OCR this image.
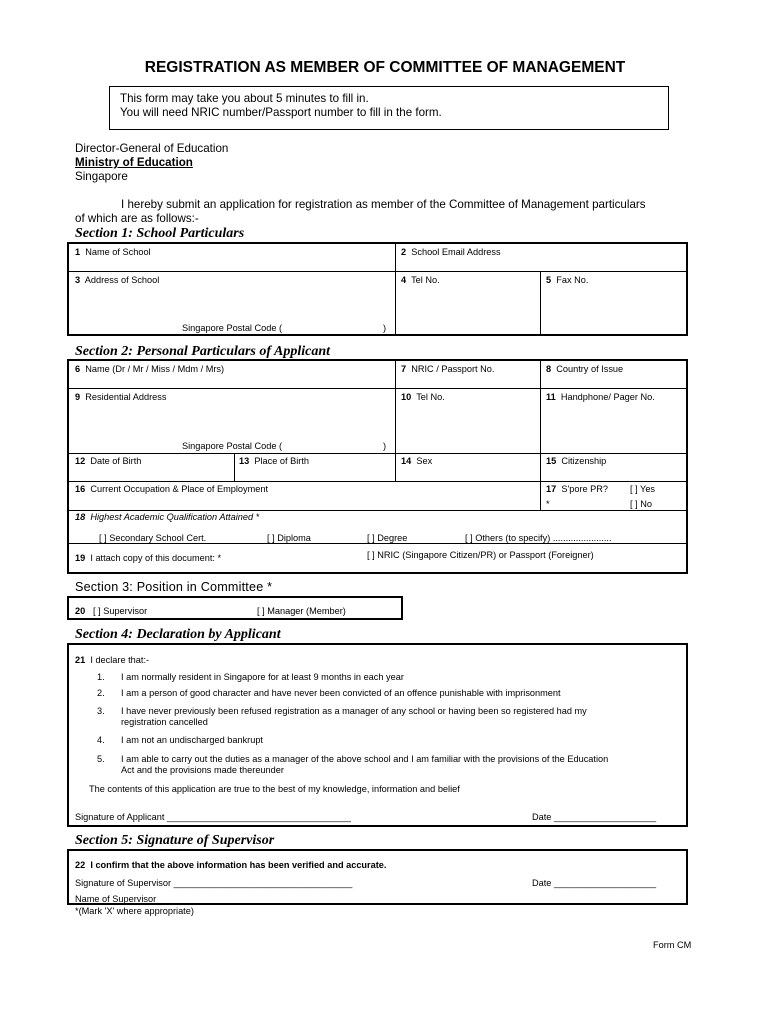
REGISTRATION AS MEMBER OF COMMITTEE OF MANAGEMENT
This form may take you about 5 minutes to fill in.
You will need NRIC number/Passport number to fill in the form.
Director-General of Education
Ministry of Education
Singapore
I hereby submit an application for registration as member of the Committee of Management particulars
of which are as follows:-
Section 1: School Particulars
1 Name of School	2 School Email Address
3 Address of School	4 Tel No.	5 Fax No.
Singapore Postal Code (	)
Section 2: Personal Particulars of Applicant
6 Name (Dr / Mr / Miss / Mdm / Mrs)	7 NRIC / Passport No.	8 Country of Issue
9 Residential Address	10 Tel No.	11 Handphone/ Pager No.
Singapore Postal Code (	)
12 Date of Birth	13 Place of Birth	14 Sex	15 Citizenship
16 Current Occupation & Place of Employment	17 S'pore PR? [ ] Yes
*	[ ] No
18 Highest Academic Qualification Attained *
[ ] Secondary School Cert.	[ ] Diploma	[ ] Degree	[ ] Others (to specify) .......................
19 I attach copy of this document: *	[ ] NRIC (Singapore Citizen/PR) or Passport (Foreigner)
Section 3: Position in Committee *
20 [ ] Supervisor	[ ] Manager (Member)
Section 4: Declaration by Applicant
21 I declare that:-
1. I am normally resident in Singapore for at least 9 months in each year
2. I am a person of good character and have never been convicted of an offence punishable with imprisonment
3. I have never previously been refused registration as a manager of any school or having been so registered had my
registration cancelled
4. I am not an undischarged bankrupt
5. I am able to carry out the duties as a manager of the above school and I am familiar with the provisions of the Education
Act and the provisions made thereunder
The contents of this application are true to the best of my knowledge, information and belief
Signature of Applicant ____________________________________	Date ____________________
Section 5: Signature of Supervisor
22 I confirm that the above information has been verified and accurate.
Signature of Supervisor ___________________________________	Date ____________________
Name of Supervisor _______________________________________
*(Mark 'X' where appropriate)
Form CM
